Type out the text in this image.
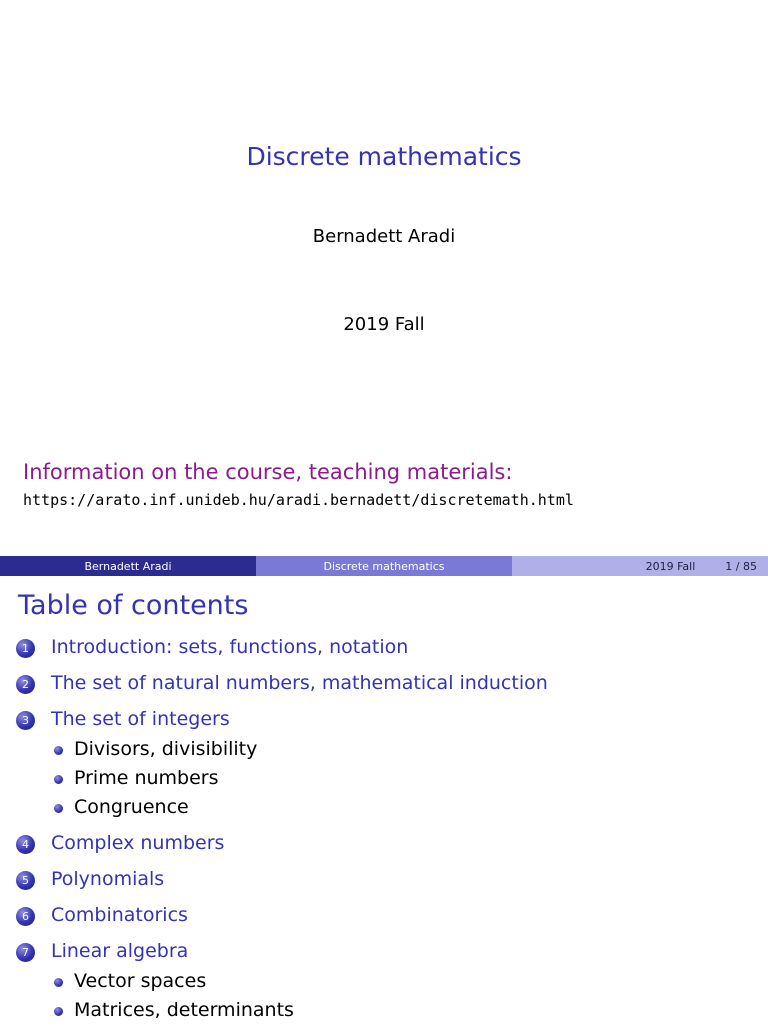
Discrete mathematics
Bernadett Aradi
2019 Fall
Information on the course, teaching materials:
https://arato.inf.unideb.hu/aradi.bernadett/discretemath.html
Bernadett Aradi	Discrete mathematics	2019 Fall	1 / 85
Table of contents
1	Introduction: sets, functions, notation
2	The set of natural numbers, mathematical induction
3	The set of integers
Divisors, divisibility
Prime numbers
Congruence
4	Complex numbers
5	Polynomials
6	Combinatorics
7	Linear algebra
Vector spaces
Matrices, determinants
